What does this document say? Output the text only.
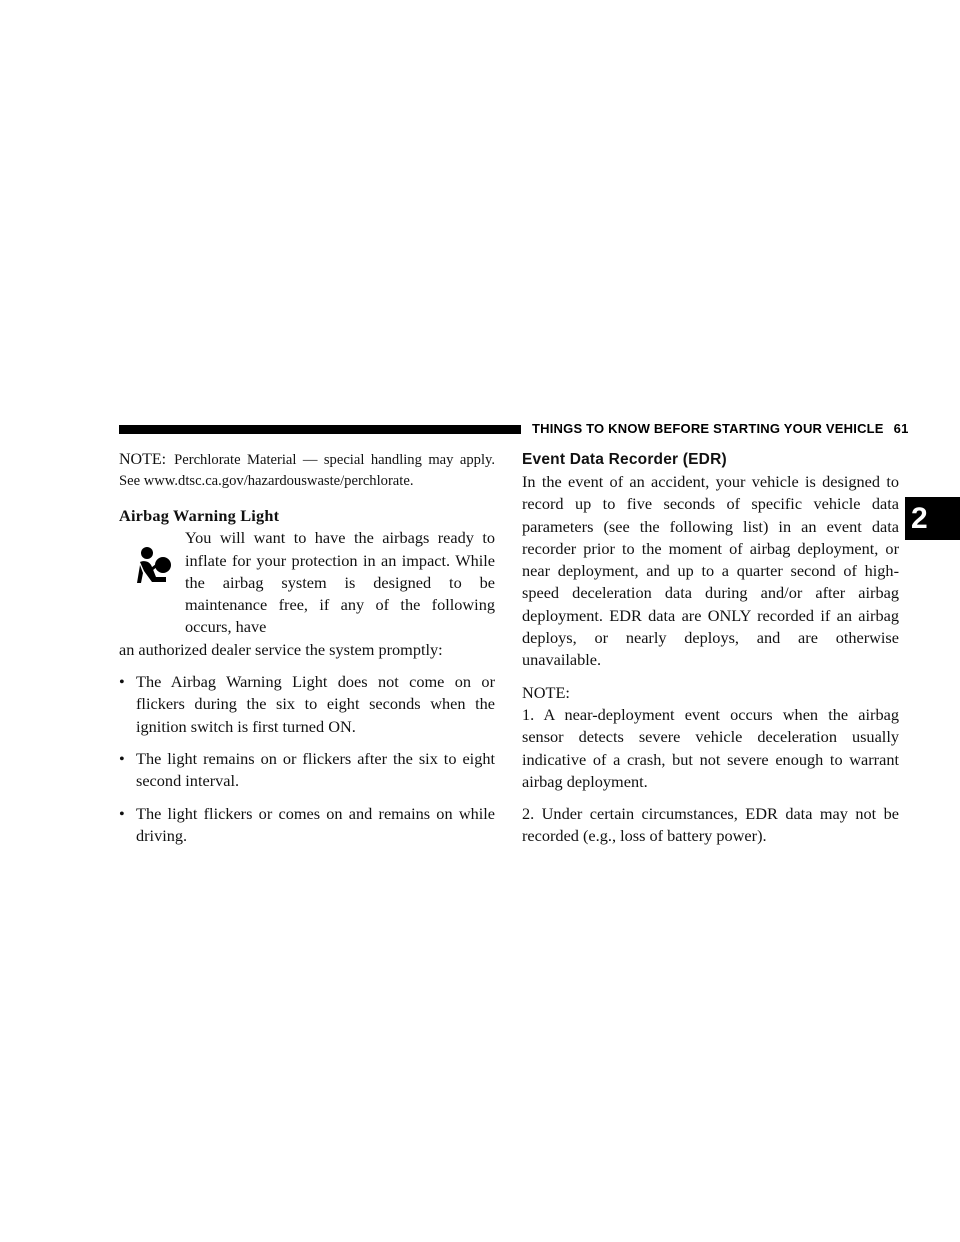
THINGS TO KNOW BEFORE STARTING YOUR VEHICLE 61
2

NOTE: Perchlorate Material — special handling may apply. See www.dtsc.ca.gov/hazardouswaste/perchlorate.

Airbag Warning Light

You will want to have the airbags ready to inflate for your protection in an impact. While the airbag system is designed to be maintenance free, if any of the following occurs, have

an authorized dealer service the system promptly:

• The Airbag Warning Light does not come on or flickers during the six to eight seconds when the ignition switch is first turned ON.
• The light remains on or flickers after the six to eight second interval.
• The light flickers or comes on and remains on while driving.

Event Data Recorder (EDR)

In the event of an accident, your vehicle is designed to record up to five seconds of specific vehicle data parameters (see the following list) in an event data recorder prior to the moment of airbag deployment, or near deployment, and up to a quarter second of high-speed deceleration data during and/or after airbag deployment. EDR data are ONLY recorded if an airbag deploys, or nearly deploys, and are otherwise unavailable.

NOTE:

1. A near-deployment event occurs when the airbag sensor detects severe vehicle deceleration usually indicative of a crash, but not severe enough to warrant airbag deployment.

2. Under certain circumstances, EDR data may not be recorded (e.g., loss of battery power).
